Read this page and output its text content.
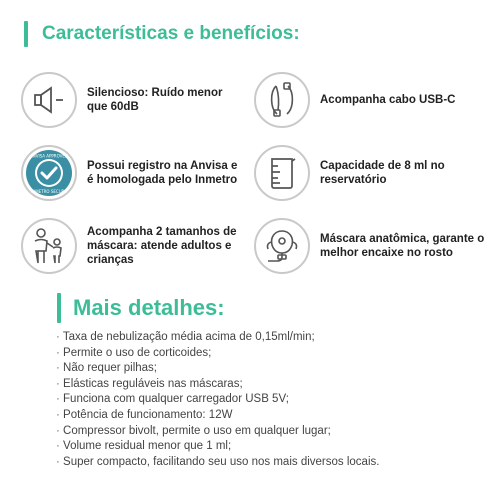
Características e benefícios:
Silencioso: Ruído menor que 60dB
Acompanha cabo USB-C
ANVISA APPROVED
INMETRO SECURE
Possui registro na Anvisa e é homologada pelo Inmetro
Capacidade de 8 ml no reservatório
Acompanha 2 tamanhos de máscara: atende adultos e crianças
Máscara anatômica, garante o melhor encaixe no rosto
Mais detalhes:
· Taxa de nebulização média acima de 0,15ml/min;
· Permite o uso de corticoides;
· Não requer pilhas;
· Elásticas reguláveis nas máscaras;
· Funciona com qualquer carregador USB 5V;
· Potência de funcionamento: 12W
· Compressor bivolt, permite o uso em qualquer lugar;
· Volume residual menor que 1 ml;
· Super compacto, facilitando seu uso nos mais diversos locais.
